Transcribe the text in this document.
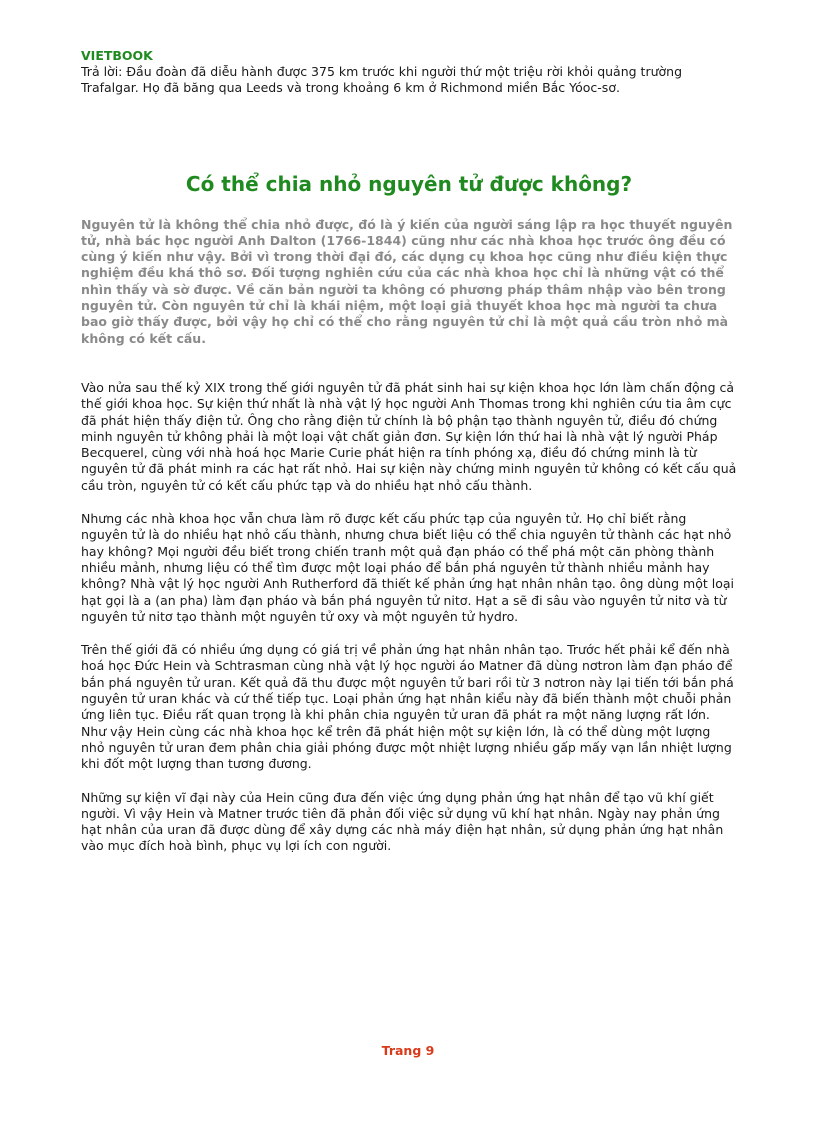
VIETBOOK

Trả lời: Đầu đoàn đã diễu hành được 375 km trước khi người thứ một triệu rời khỏi quảng trường Trafalgar. Họ đã băng qua Leeds và trong khoảng 6 km ở Richmond miền Bắc Yóoc-sơ.

Có thể chia nhỏ nguyên tử được không?

Nguyên tử là không thể chia nhỏ được, đó là ý kiến của người sáng lập ra học thuyết nguyên tử, nhà bác học người Anh Dalton (1766-1844) cũng như các nhà khoa học trước ông đều có cùng ý kiến như vậy. Bởi vì trong thời đại đó, các dụng cụ khoa học cũng như điều kiện thực nghiệm đều khá thô sơ. Đối tượng nghiên cứu của các nhà khoa học chỉ là những vật có thể nhìn thấy và sờ được. Về căn bản người ta không có phương pháp thâm nhập vào bên trong nguyên tử. Còn nguyên tử chỉ là khái niệm, một loại giả thuyết khoa học mà người ta chưa bao giờ thấy được, bởi vậy họ chỉ có thể cho rằng nguyên tử chỉ là một quả cầu tròn nhỏ mà không có kết cấu.

Vào nửa sau thế kỷ XIX trong thế giới nguyên tử đã phát sinh hai sự kiện khoa học lớn làm chấn động cả thế giới khoa học. Sự kiện thứ nhất là nhà vật lý học người Anh Thomas trong khi nghiên cứu tia âm cực đã phát hiện thấy điện tử. Ông cho rằng điện tử chính là bộ phận tạo thành nguyên tử, điều đó chứng minh nguyên tử không phải là một loại vật chất giản đơn. Sự kiện lớn thứ hai là nhà vật lý người Pháp Becquerel, cùng với nhà hoá học Marie Curie phát hiện ra tính phóng xạ, điều đó chứng minh là từ nguyên tử đã phát minh ra các hạt rất nhỏ. Hai sự kiện này chứng minh nguyên tử không có kết cấu quả cầu tròn, nguyên tử có kết cấu phức tạp và do nhiều hạt nhỏ cấu thành.

Nhưng các nhà khoa học vẫn chưa làm rõ được kết cấu phức tạp của nguyên tử. Họ chỉ biết rằng nguyên tử là do nhiều hạt nhỏ cấu thành, nhưng chưa biết liệu có thể chia nguyên tử thành các hạt nhỏ hay không? Mọi người đều biết trong chiến tranh một quả đạn pháo có thể phá một căn phòng thành nhiều mảnh, nhưng liệu có thể tìm được một loại pháo để bắn phá nguyên tử thành nhiều mảnh hay không? Nhà vật lý học người Anh Rutherford đã thiết kế phản ứng hạt nhân nhân tạo. ông dùng một loại hạt gọi là a (an pha) làm đạn pháo và bắn phá nguyên tử nitơ. Hạt a sẽ đi sâu vào nguyên tử nitơ và từ nguyên tử nitơ tạo thành một nguyên tử oxy và một nguyên tử hydro.

Trên thế giới đã có nhiều ứng dụng có giá trị về phản ứng hạt nhân nhân tạo. Trước hết phải kể đến nhà hoá học Đức Hein và Schtrasman cùng nhà vật lý học người áo Matner đã dùng nơtron làm đạn pháo để bắn phá nguyên tử uran. Kết quả đã thu được một nguyên tử bari rồi từ 3 nơtron này lại tiến tới bắn phá nguyên tử uran khác và cứ thế tiếp tục. Loại phản ứng hạt nhân kiểu này đã biến thành một chuỗi phản ứng liên tục. Điều rất quan trọng là khi phân chia nguyên tử uran đã phát ra một năng lượng rất lớn. Như vậy Hein cùng các nhà khoa học kể trên đã phát hiện một sự kiện lớn, là có thể dùng một lượng nhỏ nguyên tử uran đem phân chia giải phóng được một nhiệt lượng nhiều gấp mấy vạn lần nhiệt lượng khi đốt một lượng than tương đương.

Những sự kiện vĩ đại này của Hein cũng đưa đến việc ứng dụng phản ứng hạt nhân để tạo vũ khí giết người. Vì vậy Hein và Matner trước tiên đã phản đối việc sử dụng vũ khí hạt nhân. Ngày nay phản ứng hạt nhân của uran đã được dùng để xây dựng các nhà máy điện hạt nhân, sử dụng phản ứng hạt nhân vào mục đích hoà bình, phục vụ lợi ích con người.

Trang 9
